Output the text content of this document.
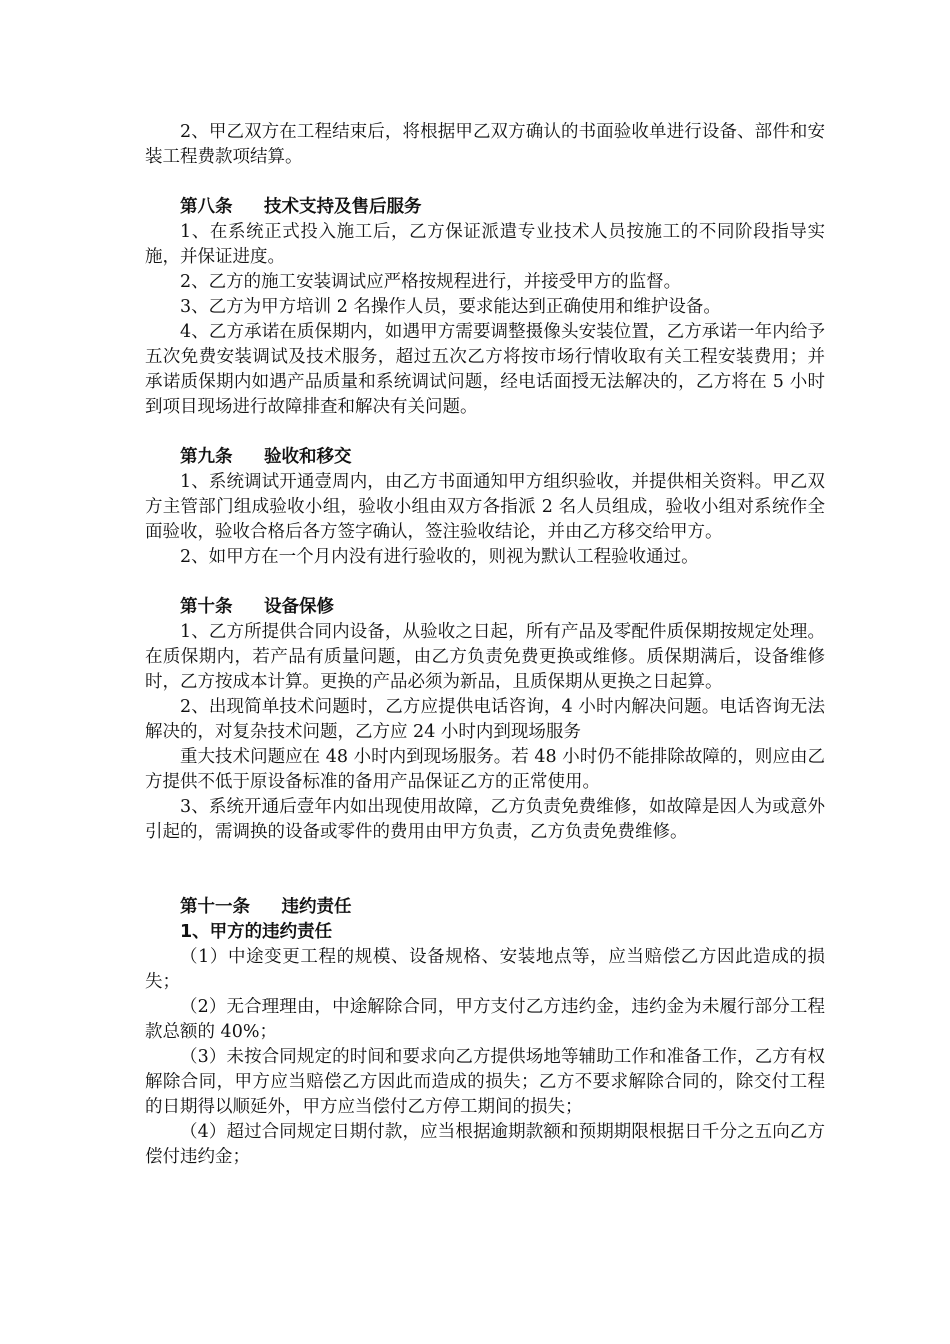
2、甲乙双方在工程结束后，将根据甲乙双方确认的书面验收单进行设备、部件和安装工程费款项结算。

第八条 技术支持及售后服务

1、在系统正式投入施工后，乙方保证派遣专业技术人员按施工的不同阶段指导实施，并保证进度。

2、乙方的施工安装调试应严格按规程进行，并接受甲方的监督。

3、乙方为甲方培训 2 名操作人员，要求能达到正确使用和维护设备。

4、乙方承诺在质保期内，如遇甲方需要调整摄像头安装位置，乙方承诺一年内给予五次免费安装调试及技术服务，超过五次乙方将按市场行情收取有关工程安装费用；并承诺质保期内如遇产品质量和系统调试问题，经电话面授无法解决的，乙方将在 5 小时到项目现场进行故障排查和解决有关问题。

第九条 验收和移交

1、系统调试开通壹周内，由乙方书面通知甲方组织验收，并提供相关资料。甲乙双方主管部门组成验收小组，验收小组由双方各指派 2 名人员组成，验收小组对系统作全面验收，验收合格后各方签字确认，签注验收结论，并由乙方移交给甲方。

2、如甲方在一个月内没有进行验收的，则视为默认工程验收通过。

第十条 设备保修

1、乙方所提供合同内设备，从验收之日起，所有产品及零配件质保期按规定处理。在质保期内，若产品有质量问题，由乙方负责免费更换或维修。质保期满后，设备维修时，乙方按成本计算。更换的产品必须为新品，且质保期从更换之日起算。

2、出现简单技术问题时，乙方应提供电话咨询，4 小时内解决问题。电话咨询无法解决的，对复杂技术问题，乙方应 24 小时内到现场服务

重大技术问题应在 48 小时内到现场服务。若 48 小时仍不能排除故障的，则应由乙方提供不低于原设备标准的备用产品保证乙方的正常使用。

3、系统开通后壹年内如出现使用故障，乙方负责免费维修，如故障是因人为或意外引起的，需调换的设备或零件的费用由甲方负责，乙方负责免费维修。

第十一条 违约责任

1、甲方的违约责任

（1）中途变更工程的规模、设备规格、安装地点等，应当赔偿乙方因此造成的损失；

（2）无合理理由，中途解除合同，甲方支付乙方违约金，违约金为未履行部分工程款总额的 40%；

（3）未按合同规定的时间和要求向乙方提供场地等辅助工作和准备工作，乙方有权解除合同，甲方应当赔偿乙方因此而造成的损失；乙方不要求解除合同的，除交付工程的日期得以顺延外，甲方应当偿付乙方停工期间的损失；

（4）超过合同规定日期付款，应当根据逾期款额和预期期限根据日千分之五向乙方偿付违约金；
